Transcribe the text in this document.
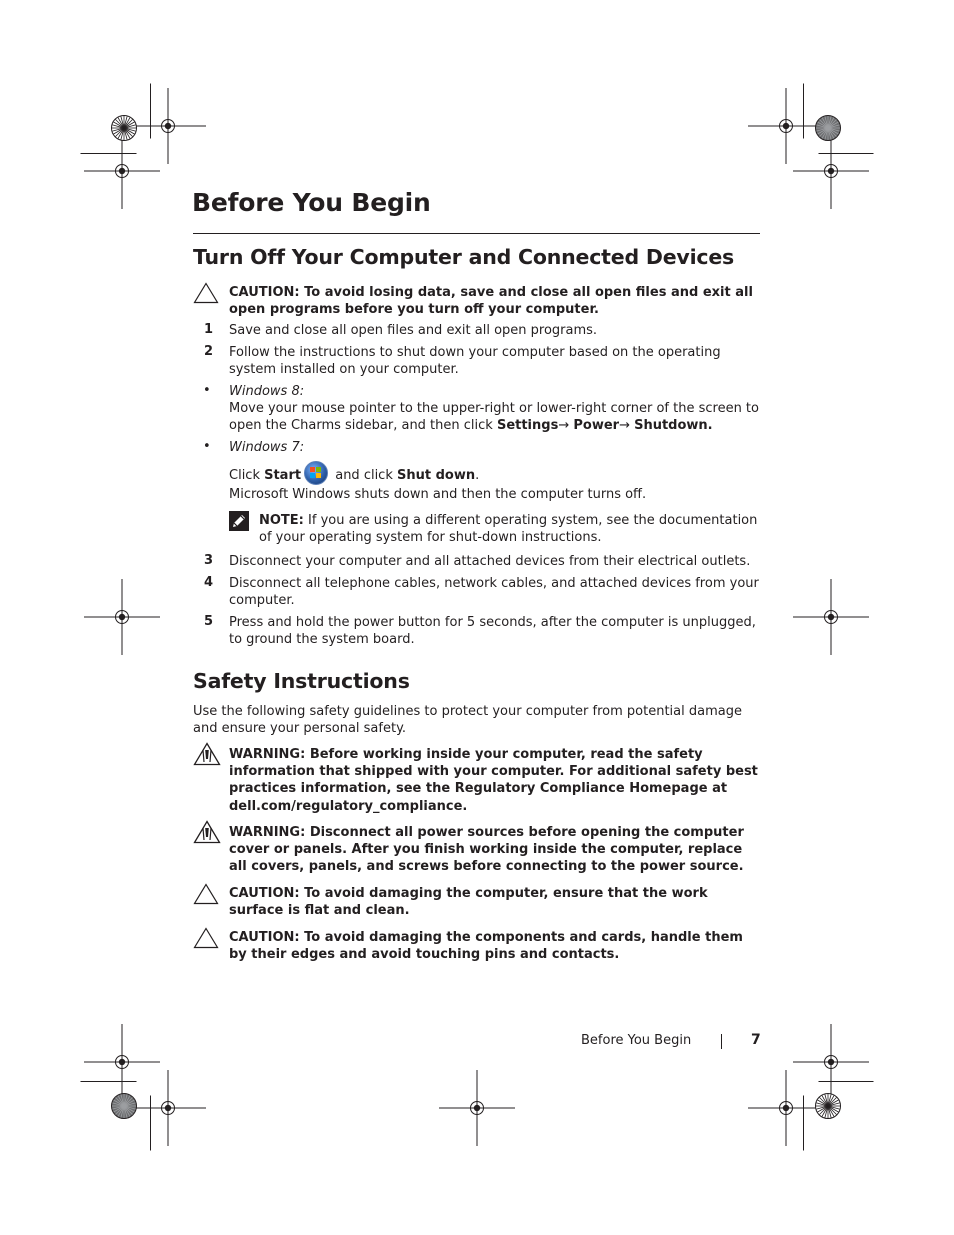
Before You Begin
Turn Off Your Computer and Connected Devices

CAUTION: To avoid losing data, save and close all open files and exit all open programs before you turn off your computer.

1 Save and close all open files and exit all open programs.

2 Follow the instructions to shut down your computer based on the operating system installed on your computer.

• Windows 8:

Move your mouse pointer to the upper-right or lower-right corner of the screen to open the Charms sidebar, and then click Settings→ Power→ Shutdown.

• Windows 7:

Click Start
and click Shut down.

Microsoft Windows shuts down and then the computer turns off.

NOTE: If you are using a different operating system, see the documentation of your operating system for shut-down instructions.

3 Disconnect your computer and all attached devices from their electrical outlets.

4 Disconnect all telephone cables, network cables, and attached devices from your computer.

5 Press and hold the power button for 5 seconds, after the computer is unplugged, to ground the system board.

Safety Instructions

Use the following safety guidelines to protect your computer from potential damage and ensure your personal safety.

WARNING: Before working inside your computer, read the safety information that shipped with your computer. For additional safety best practices information, see the Regulatory Compliance Homepage at dell.com/regulatory_compliance.

WARNING: Disconnect all power sources before opening the computer cover or panels. After you finish working inside the computer, replace all covers, panels, and screws before connecting to the power source.

CAUTION: To avoid damaging the computer, ensure that the work surface is flat and clean.

CAUTION: To avoid damaging the components and cards, handle them by their edges and avoid touching pins and contacts.

Before You Begin	7
